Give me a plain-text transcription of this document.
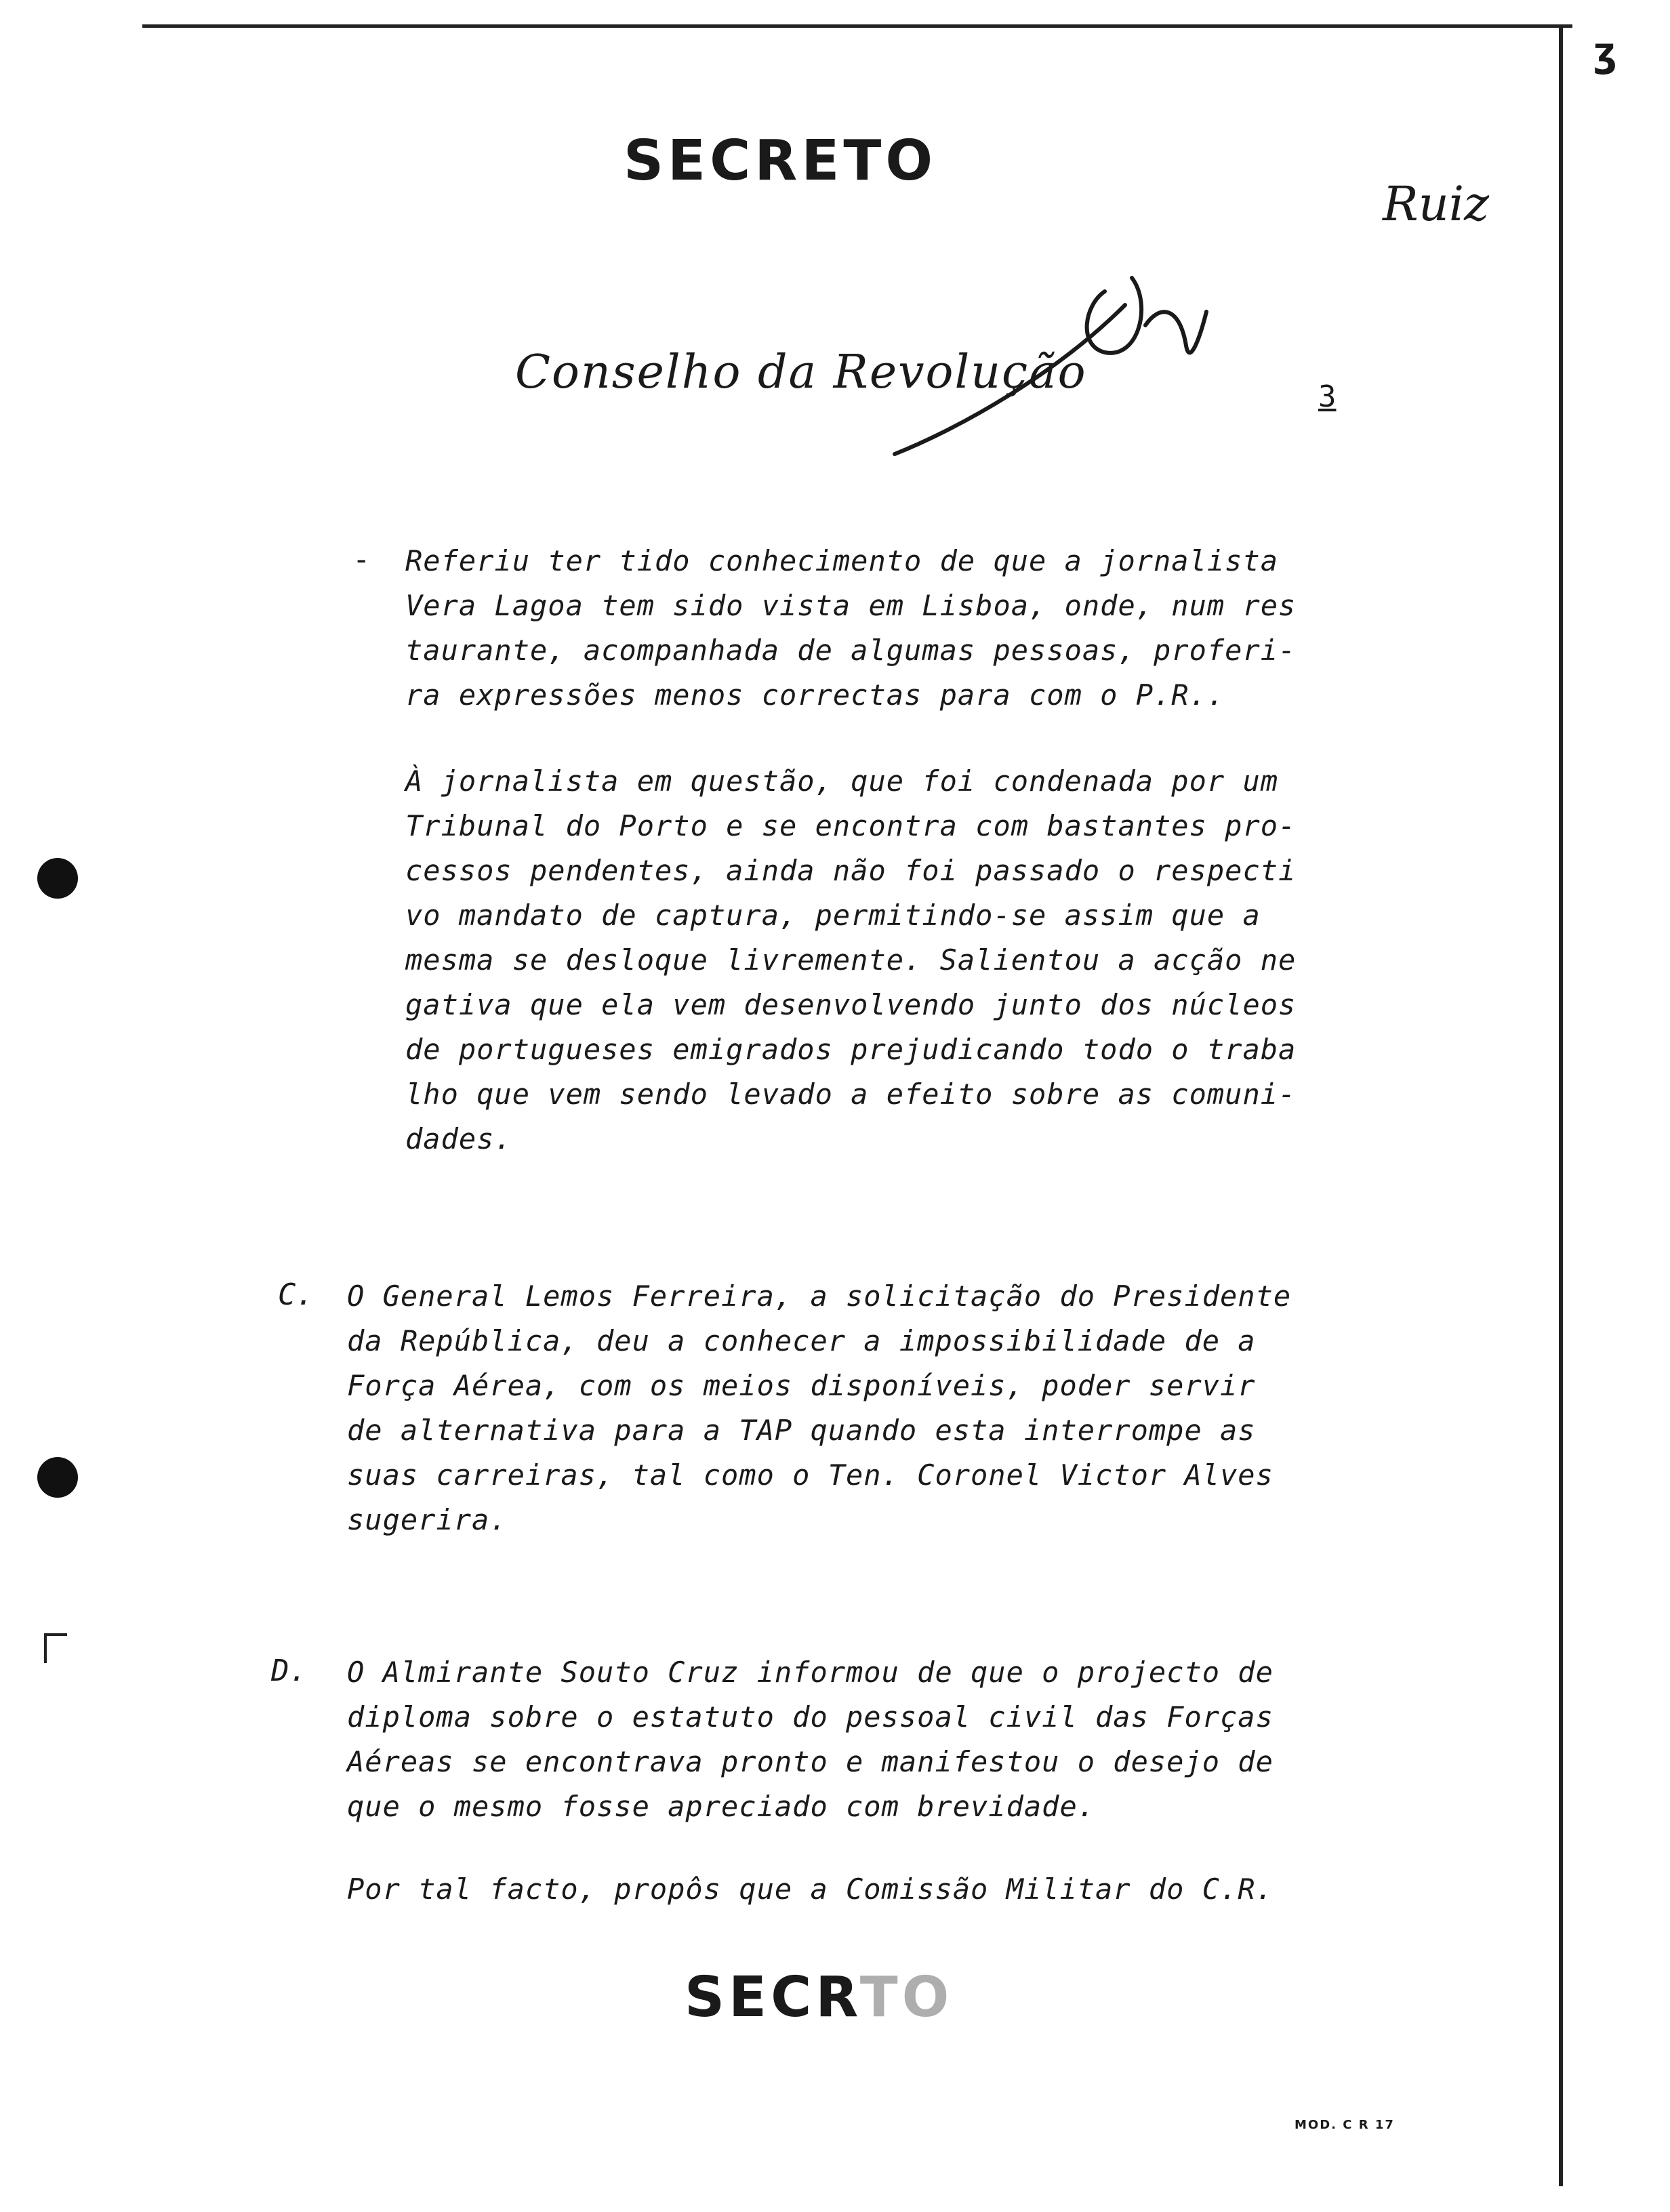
ʒ
SECRETO
Ruiz
Conselho da Revolução	3
- Referiu ter tido conhecimento de que a jornalista
Vera Lagoa tem sido vista em Lisboa, onde, num res
taurante, acompanhada de algumas pessoas, proferi-
ra expressões menos correctas para com o P.R..
À jornalista em questão, que foi condenada por um
Tribunal do Porto e se encontra com bastantes pro-
cessos pendentes, ainda não foi passado o respecti
vo mandato de captura, permitindo-se assim que a
mesma se desloque livremente. Salientou a acção ne
gativa que ela vem desenvolvendo junto dos núcleos
de portugueses emigrados prejudicando todo o traba
lho que vem sendo levado a efeito sobre as comuni-
dades.
C. O General Lemos Ferreira, a solicitação do Presidente
da República, deu a conhecer a impossibilidade de a
Força Aérea, com os meios disponíveis, poder servir
de alternativa para a TAP quando esta interrompe as
suas carreiras, tal como o Ten. Coronel Victor Alves
sugerira.
D. O Almirante Souto Cruz informou de que o projecto de
diploma sobre o estatuto do pessoal civil das Forças
Aéreas se encontrava pronto e manifestou o desejo de
que o mesmo fosse apreciado com brevidade.
Por tal facto, propôs que a Comissão Militar do C.R.
SECRTO
MOD. C R 17
